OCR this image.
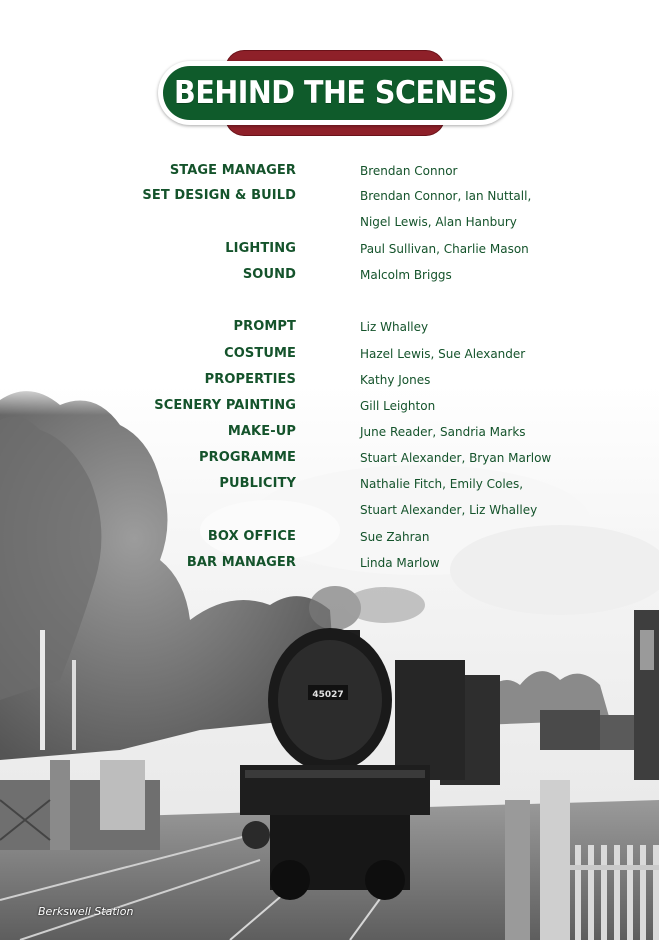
45027
Berkswell Station
BEHIND THE SCENES
STAGE MANAGER	Brendan Connor
SET DESIGN & BUILD	Brendan Connor, Ian Nuttall,
Nigel Lewis, Alan Hanbury
LIGHTING	Paul Sullivan, Charlie Mason
SOUND	Malcolm Briggs
PROMPT	Liz Whalley
COSTUME	Hazel Lewis, Sue Alexander
PROPERTIES	Kathy Jones
SCENERY PAINTING	Gill Leighton
MAKE-UP	June Reader, Sandria Marks
PROGRAMME	Stuart Alexander, Bryan Marlow
PUBLICITY	Nathalie Fitch, Emily Coles,
Stuart Alexander, Liz Whalley
BOX OFFICE	Sue Zahran
BAR MANAGER	Linda Marlow
